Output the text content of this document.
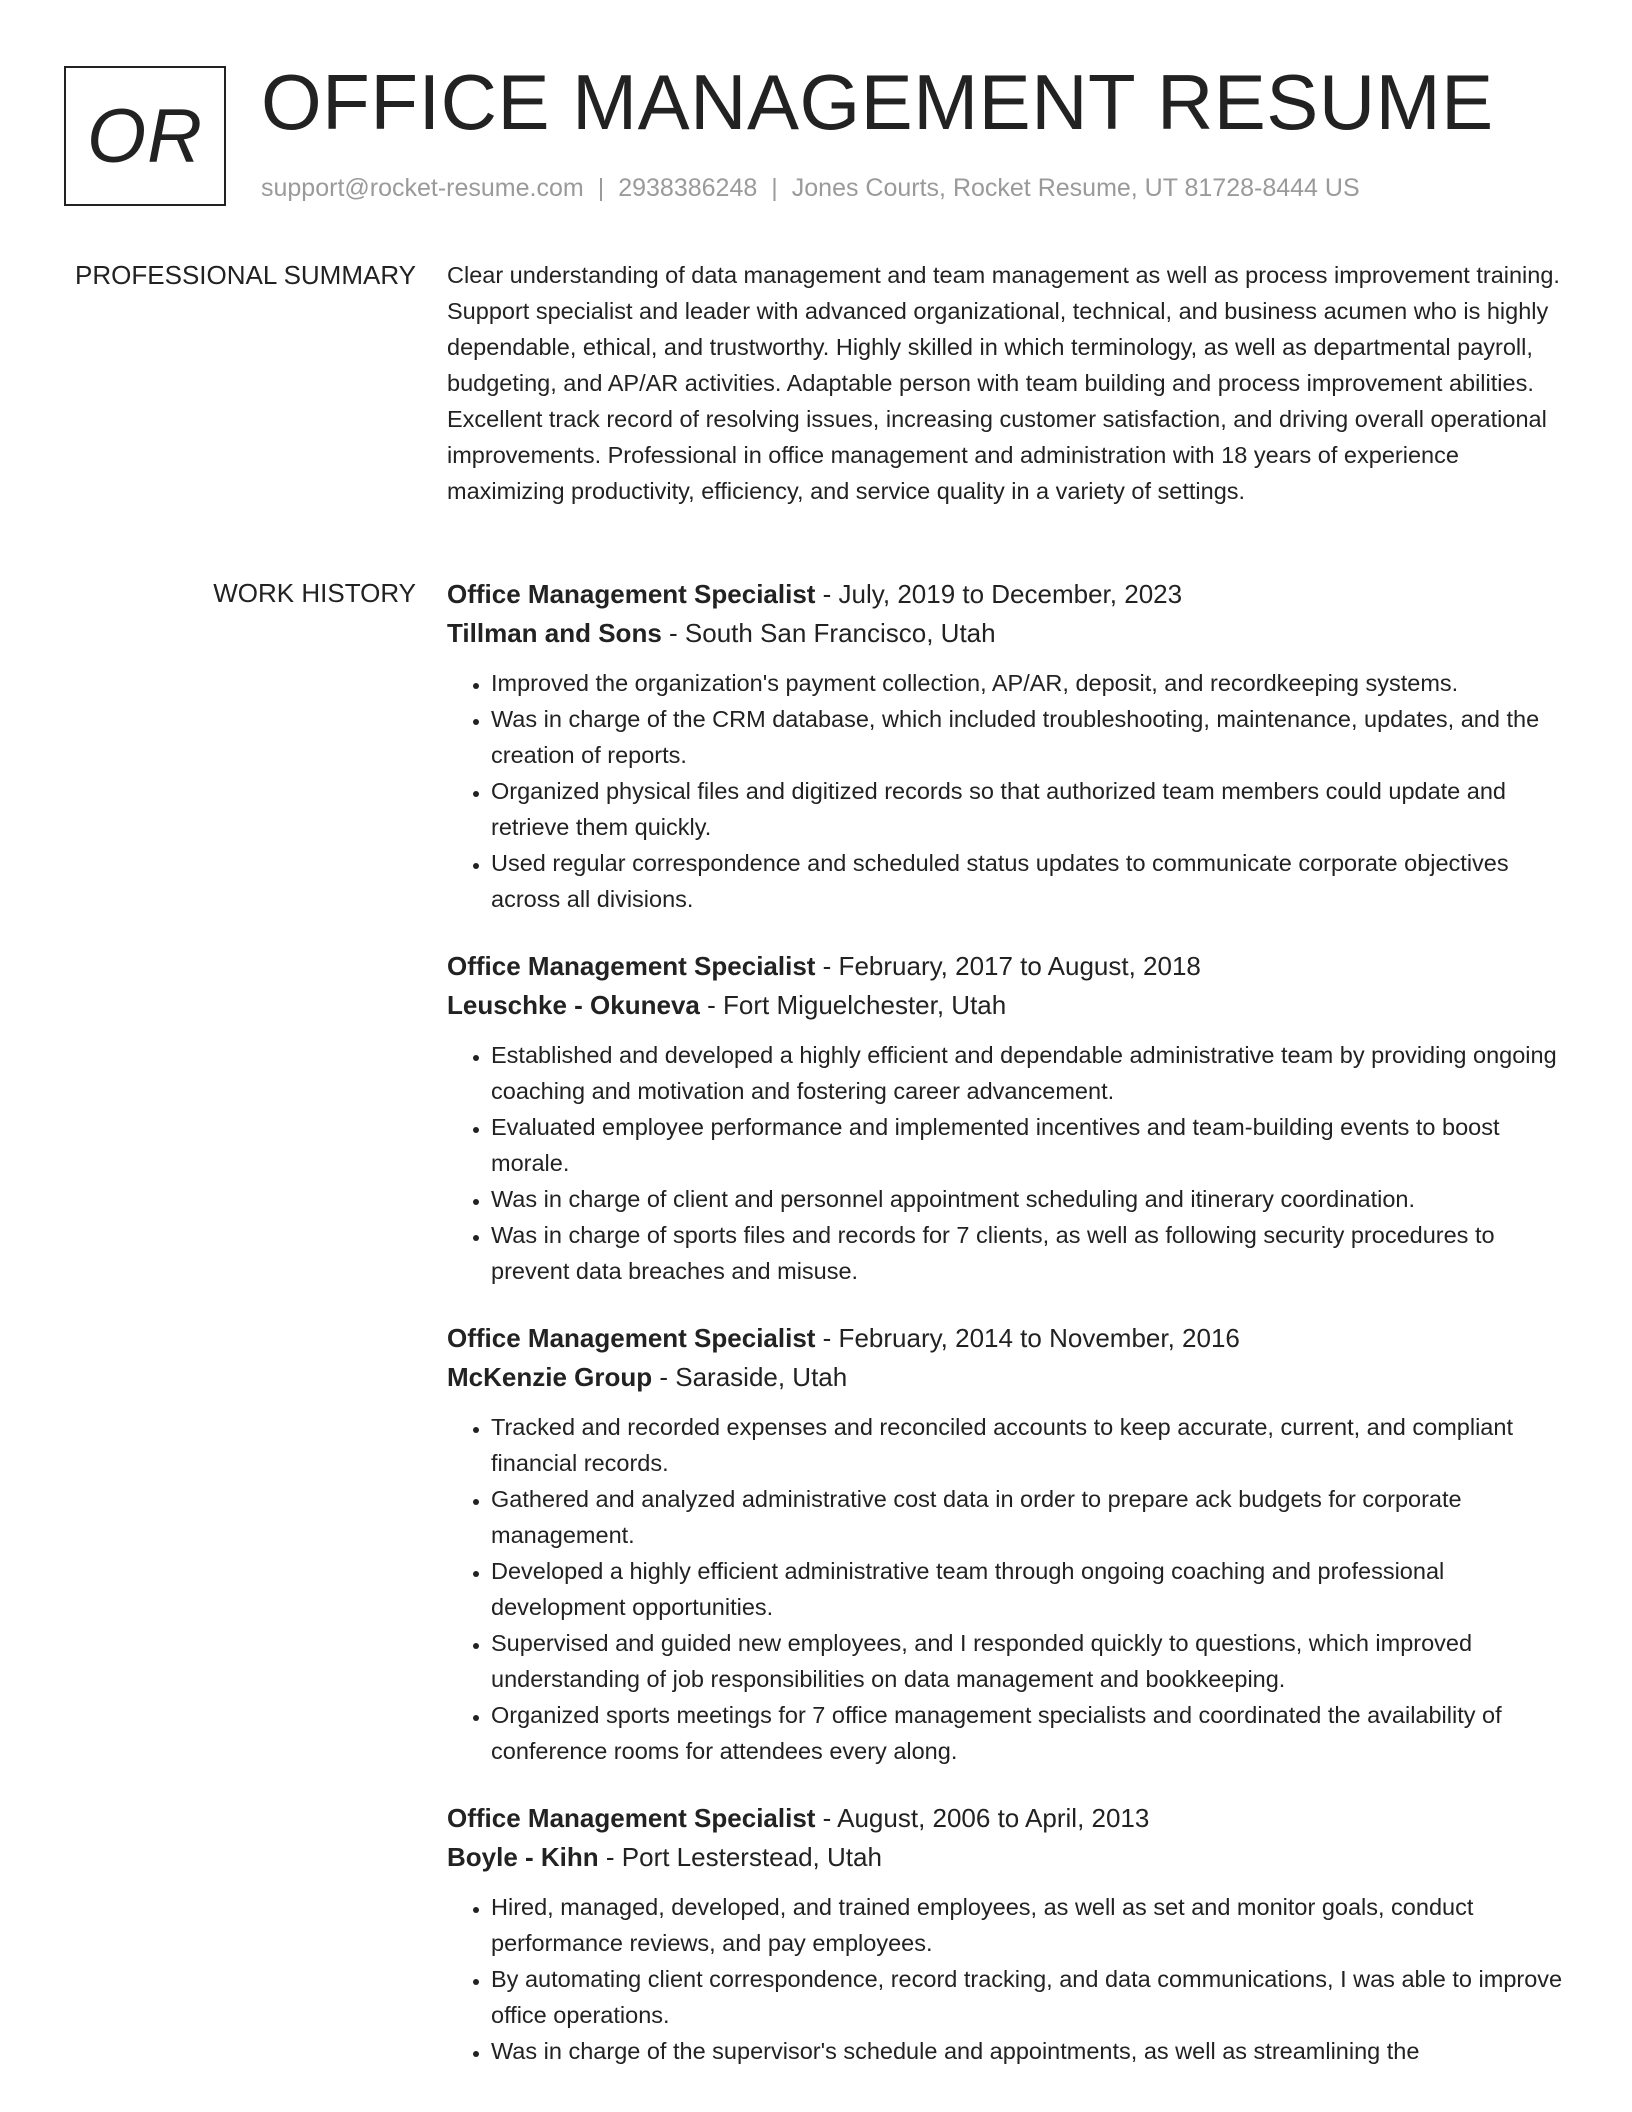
OR OFFICE MANAGEMENT RESUME
support@rocket-resume.com | 2938386248 | Jones Courts, Rocket Resume, UT 81728-8444 US
PROFESSIONAL SUMMARY Clear understanding of data management and team management as well as process improvement training. Support specialist and leader with advanced organizational, technical, and business acumen who is highly dependable, ethical, and trustworthy. Highly skilled in which terminology, as well as departmental payroll, budgeting, and AP/AR activities. Adaptable person with team building and process improvement abilities. Excellent track record of resolving issues, increasing customer satisfaction, and driving overall operational improvements. Professional in office management and administration with 18 years of experience maximizing productivity, efficiency, and service quality in a variety of settings.

WORK HISTORY Office Management Specialist - July, 2019 to December, 2023
Tillman and Sons - South San Francisco, Utah
• Improved the organization's payment collection, AP/AR, deposit, and recordkeeping systems.
• Was in charge of the CRM database, which included troubleshooting, maintenance, updates, and the creation of reports.
• Organized physical files and digitized records so that authorized team members could update and retrieve them quickly.
• Used regular correspondence and scheduled status updates to communicate corporate objectives across all divisions.
Office Management Specialist - February, 2017 to August, 2018
Leuschke - Okuneva - Fort Miguelchester, Utah
• Established and developed a highly efficient and dependable administrative team by providing ongoing coaching and motivation and fostering career advancement.
• Evaluated employee performance and implemented incentives and team-building events to boost morale.
• Was in charge of client and personnel appointment scheduling and itinerary coordination.
• Was in charge of sports files and records for 7 clients, as well as following security procedures to prevent data breaches and misuse.
Office Management Specialist - February, 2014 to November, 2016
McKenzie Group - Saraside, Utah
• Tracked and recorded expenses and reconciled accounts to keep accurate, current, and compliant financial records.
• Gathered and analyzed administrative cost data in order to prepare ack budgets for corporate management.
• Developed a highly efficient administrative team through ongoing coaching and professional development opportunities.
• Supervised and guided new employees, and I responded quickly to questions, which improved understanding of job responsibilities on data management and bookkeeping.
• Organized sports meetings for 7 office management specialists and coordinated the availability of conference rooms for attendees every along.
Office Management Specialist - August, 2006 to April, 2013
Boyle - Kihn - Port Lesterstead, Utah
• Hired, managed, developed, and trained employees, as well as set and monitor goals, conduct performance reviews, and pay employees.
• By automating client correspondence, record tracking, and data communications, I was able to improve office operations.
• Was in charge of the supervisor's schedule and appointments, as well as streamlining the
